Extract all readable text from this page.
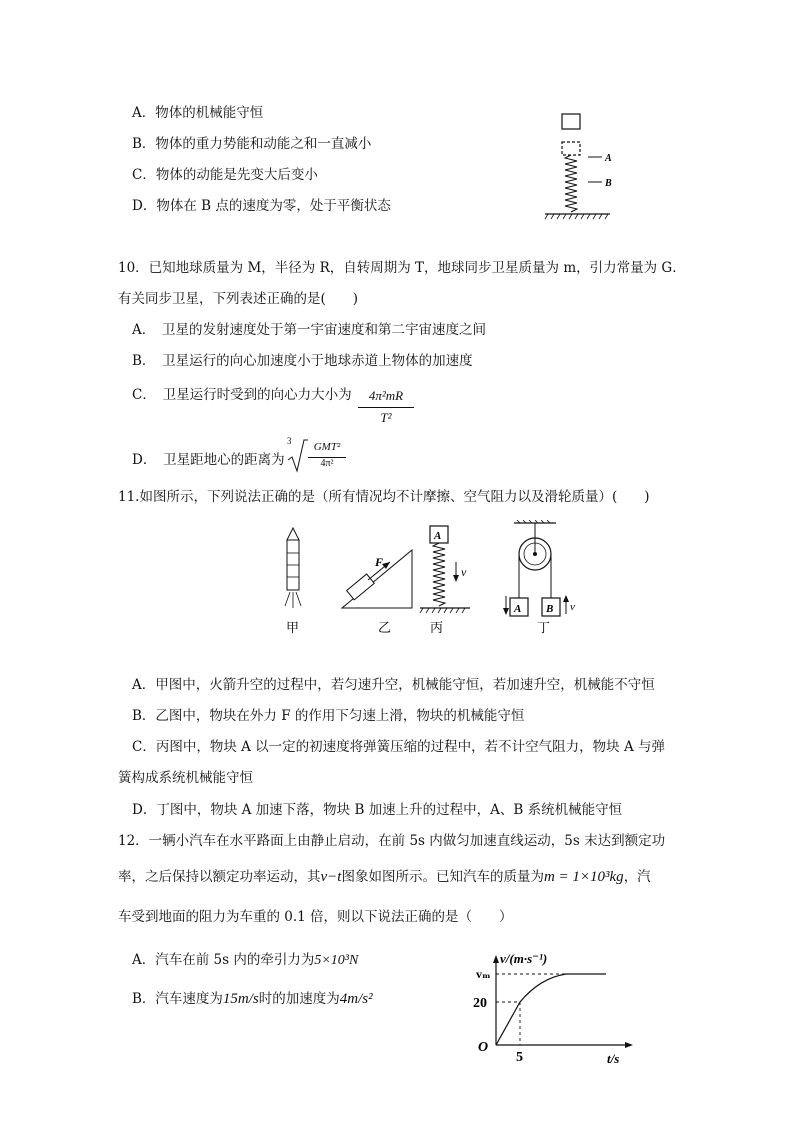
A．物体的机械能守恒
B．物体的重力势能和动能之和一直减小
C．物体的动能是先变大后变小
D．物体在 B 点的速度为零，处于平衡状态
A
B
10．已知地球质量为 M，半径为 R，自转周期为 T，地球同步卫星质量为 m，引力常量为 G．
有关同步卫星，下列表述正确的是(　　)
A．　卫星的发射速度处于第一宇宙速度和第二宇宙速度之间
B．　卫星运行的向心加速度小于地球赤道上物体的加速度
C．　卫星运行时受到的向心力大小为	4π²mR
T²
D．　卫星距地心的距离为
3	GMT²
4π²
11.如图所示，下列说法正确的是（所有情况均不计摩擦、空气阻力以及滑轮质量）(　　)
甲
F
乙
A
v
丙
A B v
丁
A．甲图中，火箭升空的过程中，若匀速升空，机械能守恒，若加速升空，机械能不守恒
B．乙图中，物块在外力 F 的作用下匀速上滑，物块的机械能守恒
C．丙图中，物块 A 以一定的初速度将弹簧压缩的过程中，若不计空气阻力，物块 A 与弹
簧构成系统机械能守恒
D．丁图中，物块 A 加速下落，物块 B 加速上升的过程中，A、B 系统机械能守恒
12．一辆小汽车在水平路面上由静止启动，在前 5s 内做匀加速直线运动，5s 末达到额定功
率，之后保持以额定功率运动，其v−t图象如图所示。已知汽车的质量为m = 1×10³kg，汽
车受到地面的阻力为车重的 0.1 倍，则以下说法正确的是（　　）
A．汽车在前 5s 内的牵引力为5×10³N
B．汽车速度为15m/s时的加速度为4m/s²
v/(m·s⁻¹)
t/s
vₘ
20
5
O
